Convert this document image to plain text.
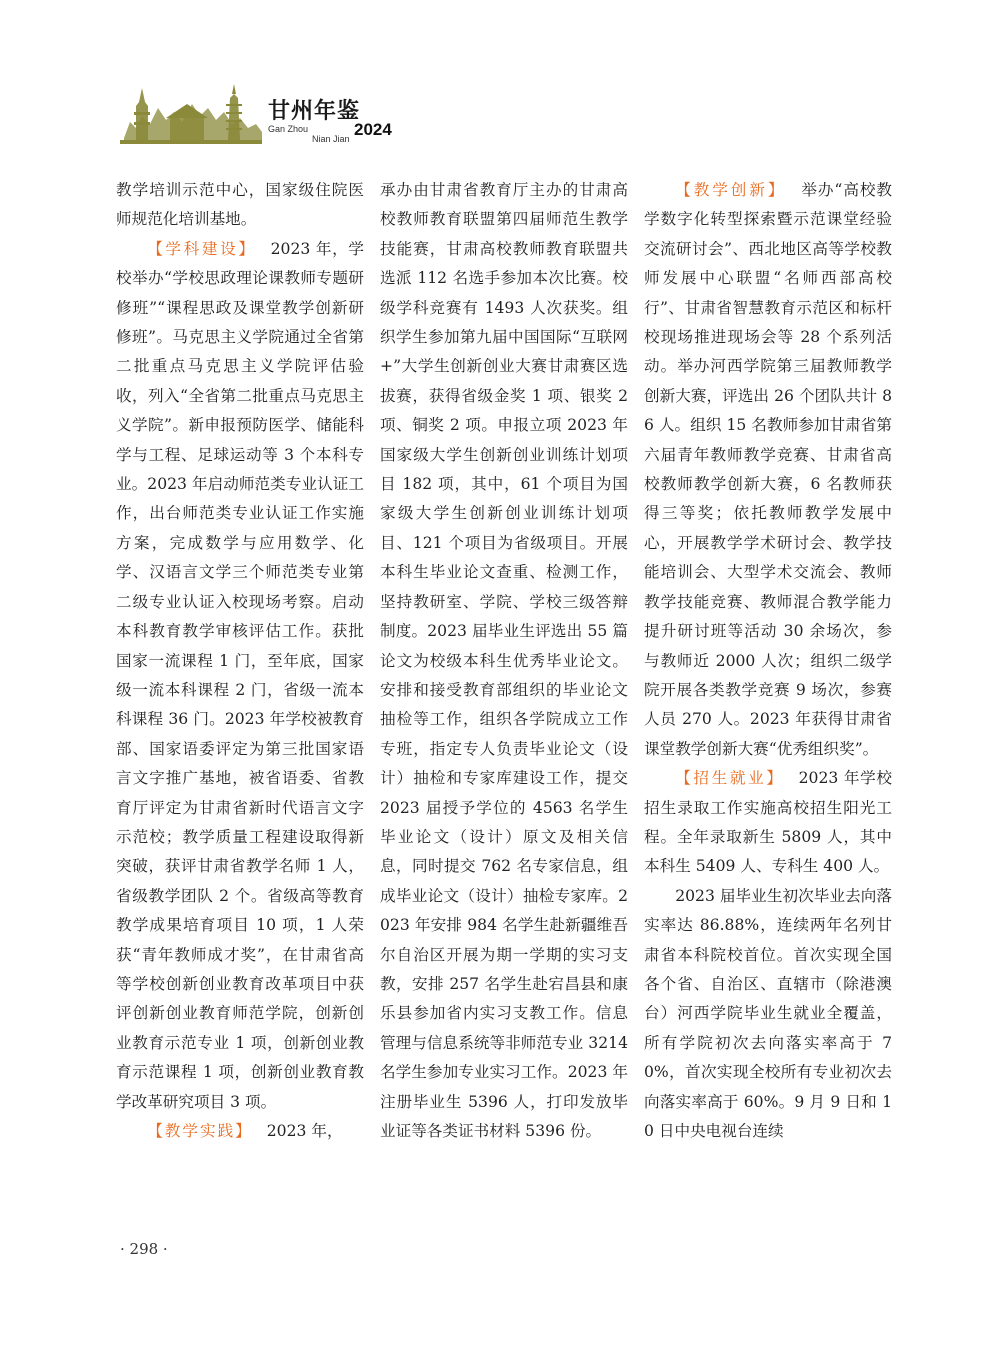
甘州年鉴
Gan Zhou
Nian Jian 2024

教学培训示范中心，国家级住院医师规范化培训基地。

【学科建设】 2023 年，学校举办“学校思政理论课教师专题研修班”“课程思政及课堂教学创新研修班”。马克思主义学院通过全省第二批重点马克思主义学院评估验收，列入“全省第二批重点马克思主义学院”。新申报预防医学、储能科学与工程、足球运动等 3 个本科专业。2023 年启动师范类专业认证工作，出台师范类专业认证工作实施方案，完成数学与应用数学、化学、汉语言文学三个师范类专业第二级专业认证入校现场考察。启动本科教育教学审核评估工作。获批国家一流课程 1 门，至年底，国家级一流本科课程 2 门，省级一流本科课程 36 门。2023 年学校被教育部、国家语委评定为第三批国家语言文字推广基地，被省语委、省教育厅评定为甘肃省新时代语言文字示范校；教学质量工程建设取得新突破，获评甘肃省教学名师 1 人，省级教学团队 2 个。省级高等教育教学成果培育项目 10 项，1 人荣获“青年教师成才奖”，在甘肃省高等学校创新创业教育改革项目中获评创新创业教育师范学院，创新创业教育示范专业 1 项，创新创业教育示范课程 1 项，创新创业教育教学改革研究项目 3 项。

【教学实践】 2023 年，

承办由甘肃省教育厅主办的甘肃高校教师教育联盟第四届师范生教学技能赛，甘肃高校教师教育联盟共选派 112 名选手参加本次比赛。校级学科竞赛有 1493 人次获奖。组织学生参加第九届中国国际“互联网 +”大学生创新创业大赛甘肃赛区选拔赛，获得省级金奖 1 项、银奖 2 项、铜奖 2 项。申报立项 2023 年国家级大学生创新创业训练计划项目 182 项，其中，61 个项目为国家级大学生创新创业训练计划项目、121 个项目为省级项目。开展本科生毕业论文查重、检测工作，坚持教研室、学院、学校三级答辩制度。2023 届毕业生评选出 55 篇论文为校级本科生优秀毕业论文。安排和接受教育部组织的毕业论文抽检等工作，组织各学院成立工作专班，指定专人负责毕业论文（设计）抽检和专家库建设工作，提交 2023 届授予学位的 4563 名学生毕业论文（设计）原文及相关信息，同时提交 762 名专家信息，组成毕业论文（设计）抽检专家库。2023 年安排 984 名学生赴新疆维吾尔自治区开展为期一学期的实习支教，安排 257 名学生赴宕昌县和康乐县参加省内实习支教工作。信息管理与信息系统等非师范专业 3214 名学生参加专业实习工作。2023 年注册毕业生 5396 人，打印发放毕业证等各类证书材料 5396 份。

【教学创新】 举办“高校教学数字化转型探索暨示范课堂经验交流研讨会”、西北地区高等学校教师发展中心联盟“名师西部高校行”、甘肃省智慧教育示范区和标杆校现场推进现场会等 28 个系列活动。举办河西学院第三届教师教学创新大赛，评选出 26 个团队共计 86 人。组织 15 名教师参加甘肃省第六届青年教师教学竞赛、甘肃省高校教师教学创新大赛，6 名教师获得三等奖；依托教师教学发展中心，开展教学学术研讨会、教学技能培训会、大型学术交流会、教师教学技能竞赛、教师混合教学能力提升研讨班等活动 30 余场次，参与教师近 2000 人次；组织二级学院开展各类教学竞赛 9 场次，参赛人员 270 人。2023 年获得甘肃省课堂教学创新大赛“优秀组织奖”。

【招生就业】 2023 年学校招生录取工作实施高校招生阳光工程。全年录取新生 5809 人，其中本科生 5409 人、专科生 400 人。

2023 届毕业生初次毕业去向落实率达 86.88%，连续两年名列甘肃省本科院校首位。首次实现全国各个省、自治区、直辖市（除港澳台）河西学院毕业生就业全覆盖，所有学院初次去向落实率高于 70%，首次实现全校所有专业初次去向落实率高于 60%。9 月 9 日和 10 日中央电视台连续

· 298 ·
